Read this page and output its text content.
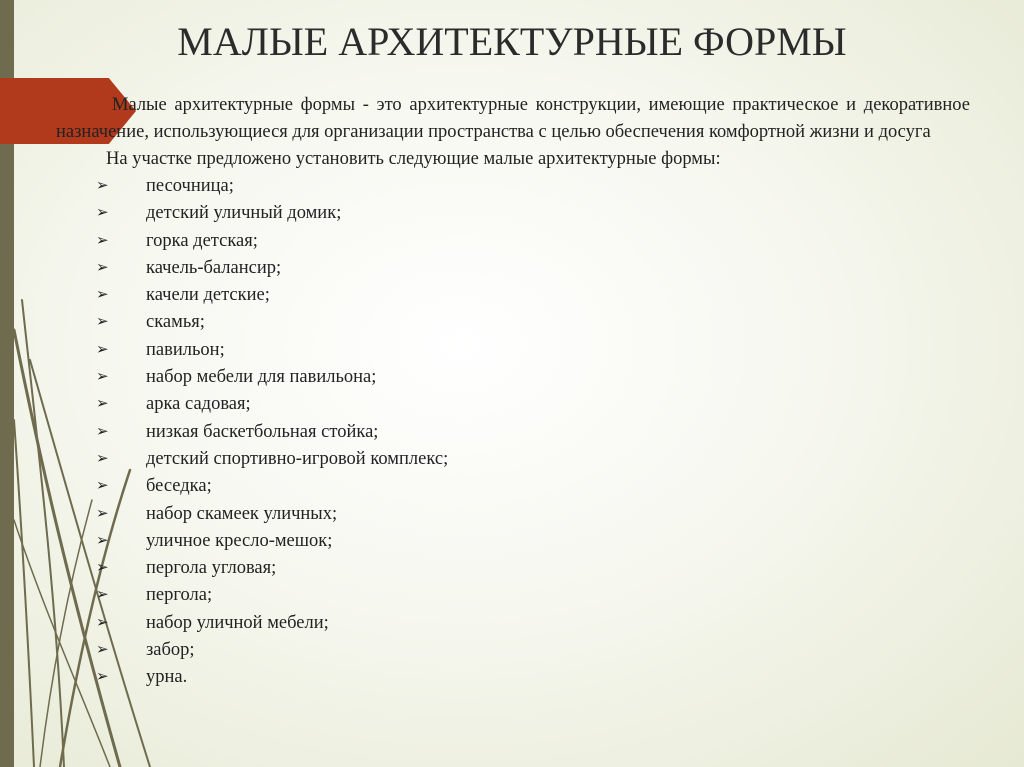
МАЛЫЕ АРХИТЕКТУРНЫЕ ФОРМЫ

Малые архитектурные формы - это архитектурные конструкции, имеющие практическое и декоративное назначение, использующиеся для организации пространства с целью обеспечения комфортной жизни и досуга

На участке предложено установить следующие малые архитектурные формы:

➢ песочница;
➢ детский уличный домик;
➢ горка детская;
➢ качель-балансир;
➢ качели детские;
➢ скамья;
➢ павильон;
➢ набор мебели для павильона;
➢ арка садовая;
➢ низкая баскетбольная стойка;
➢ детский спортивно-игровой комплекс;
➢ беседка;
➢ набор скамеек уличных;
➢ уличное кресло-мешок;
➢ пергола угловая;
➢ пергола;
➢ набор уличной мебели;
➢ забор;
➢ урна.
